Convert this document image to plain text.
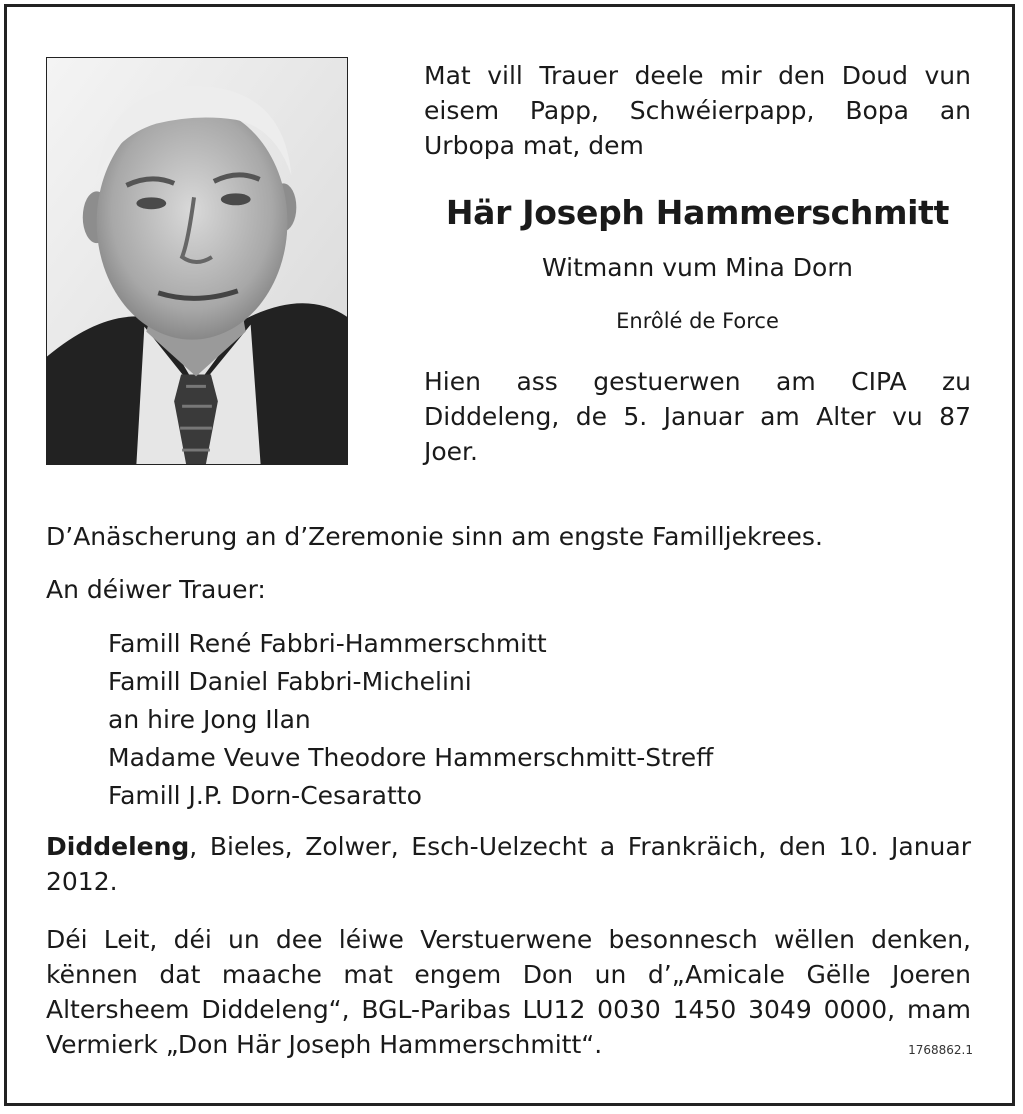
Mat vill Trauer deele mir den Doud vun eisem Papp, Schwéierpapp, Bopa an Urbopa mat, dem

Här Joseph Hammerschmitt

Witmann vum Mina Dorn

Enrôlé de Force

Hien ass gestuerwen am CIPA zu Diddeleng, de 5. Januar am Alter vu 87 Joer.

D’Anäscherung an d’Zeremonie sinn am engste Familljekrees.

An déiwer Trauer:

Famill René Fabbri-Hammerschmitt
Famill Daniel Fabbri-Michelini
an hire Jong Ilan
Madame Veuve Theodore Hammerschmitt-Streff
Famill J.P. Dorn-Cesaratto

Diddeleng, Bieles, Zolwer, Esch-Uelzecht a Frankräich, den 10. Januar 2012.

Déi Leit, déi un dee léiwe Verstuerwene besonnesch wëllen denken, kënnen dat maache mat engem Don un d’„Amicale Gëlle Joeren Altersheem Diddeleng“, BGL-Paribas LU12 0030 1450 3049 0000, mam Vermierk „Don Här Joseph Hammerschmitt“.	1768862.1
